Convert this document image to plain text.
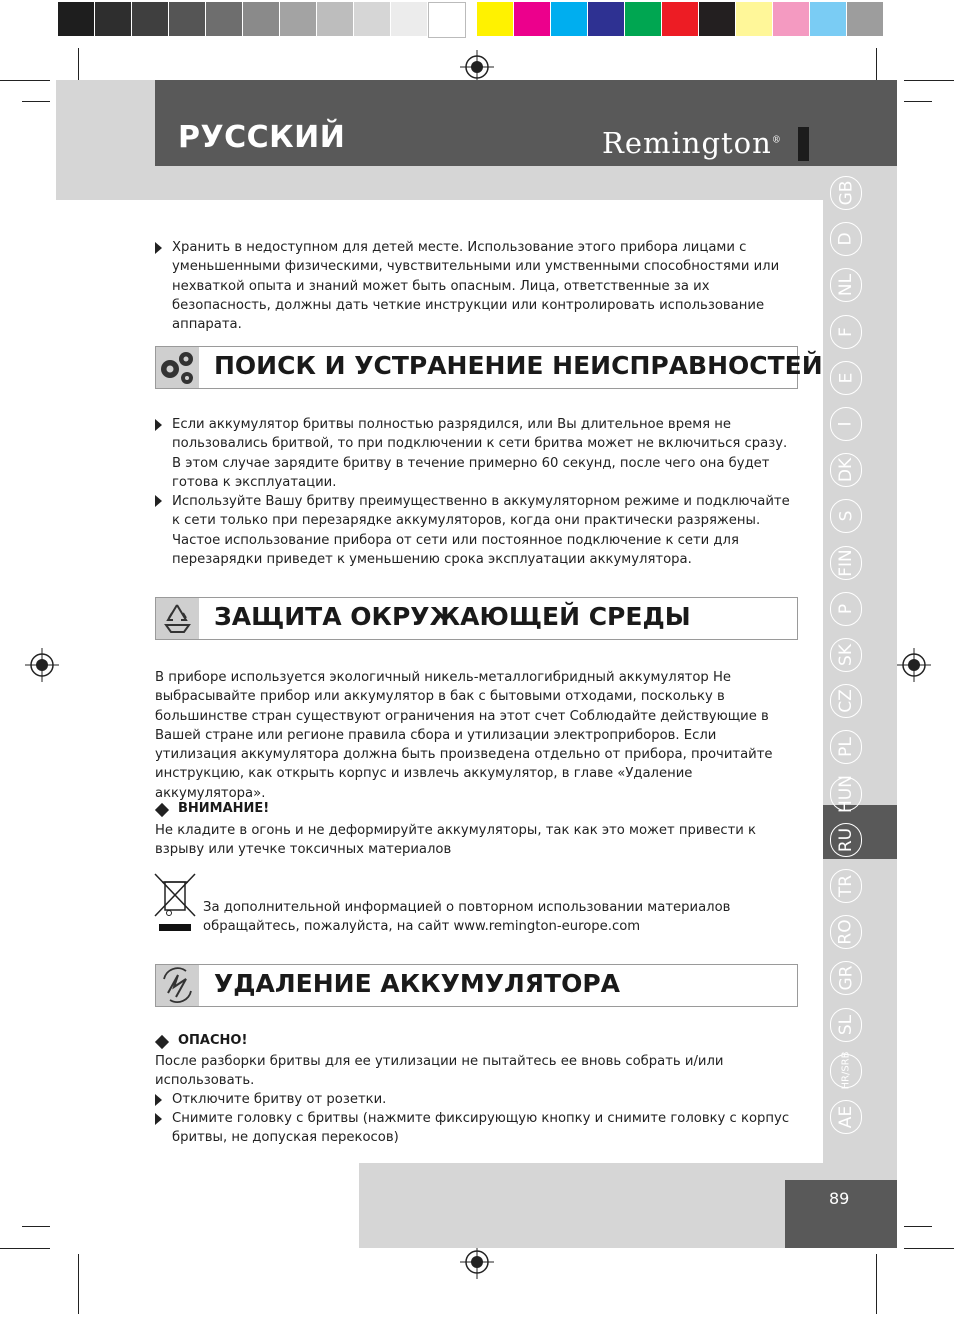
РУССКИЙ	Remington®
GB
D
NL
F
E
I
DK
S
FIN
P
SK
CZ
PL
HUN
RU
TR
RO
GR
SL
HR/SRB
AE
89
Хранить в недоступном для детей месте. Использование этого прибора лицами с уменьшенными физическими, чувствительными или умственными способностями или нехваткой опыта и знаний может быть опасным. Лица, ответственные за их безопасность, должны дать четкие инструкции или контролировать использование аппарата.
ПОИСК И УСТРАНЕНИЕ НЕИСПРАВНОСТЕЙ
Если аккумулятор бритвы полностью разрядился, или Вы длительное время не пользовались бритвой, то при подключении к сети бритва может не включиться сразу. В этом случае зарядите бритву в течение примерно 60 секунд, после чего она будет готова к эксплуатации.
Используйте Вашу бритву преимущественно в аккумуляторном режиме и подключайте к сети только при перезарядке аккумуляторов, когда они практически разряжены. Частое использование прибора от сети или постоянное подключение к сети для перезарядки приведет к уменьшению срока эксплуатации аккумулятора.
ЗАЩИТА ОКРУЖАЮЩЕЙ СРЕДЫ
В приборе используется экологичный никель-металлогибридный аккумулятор Не выбрасывайте прибор или аккумулятор в бак с бытовыми отходами, поскольку в большинстве стран существуют ограничения на этот счет Соблюдайте действующие в Вашей стране или регионе правила сбора и утилизации электроприборов. Если утилизация аккумулятора должна быть произведена отдельно от прибора, прочитайте инструкцию, как открыть корпус и извлечь аккумулятор, в главе «Удаление аккумулятора».
ВНИМАНИЕ!
Не кладите в огонь и не деформируйте аккумуляторы, так как это может привести к взрыву или утечке токсичных материалов
За дополнительной информацией о повторном использовании материалов обращайтесь, пожалуйста, на сайт www.remington-europe.com
УДАЛЕНИЕ АККУМУЛЯТОРА
ОПАСНО!
После разборки бритвы для ее утилизации не пытайтесь ее вновь собрать и/или использовать.
Отключите бритву от розетки.
Снимите головку с бритвы (нажмите фиксирующую кнопку и снимите головку с корпус бритвы, не допуская перекосов)
